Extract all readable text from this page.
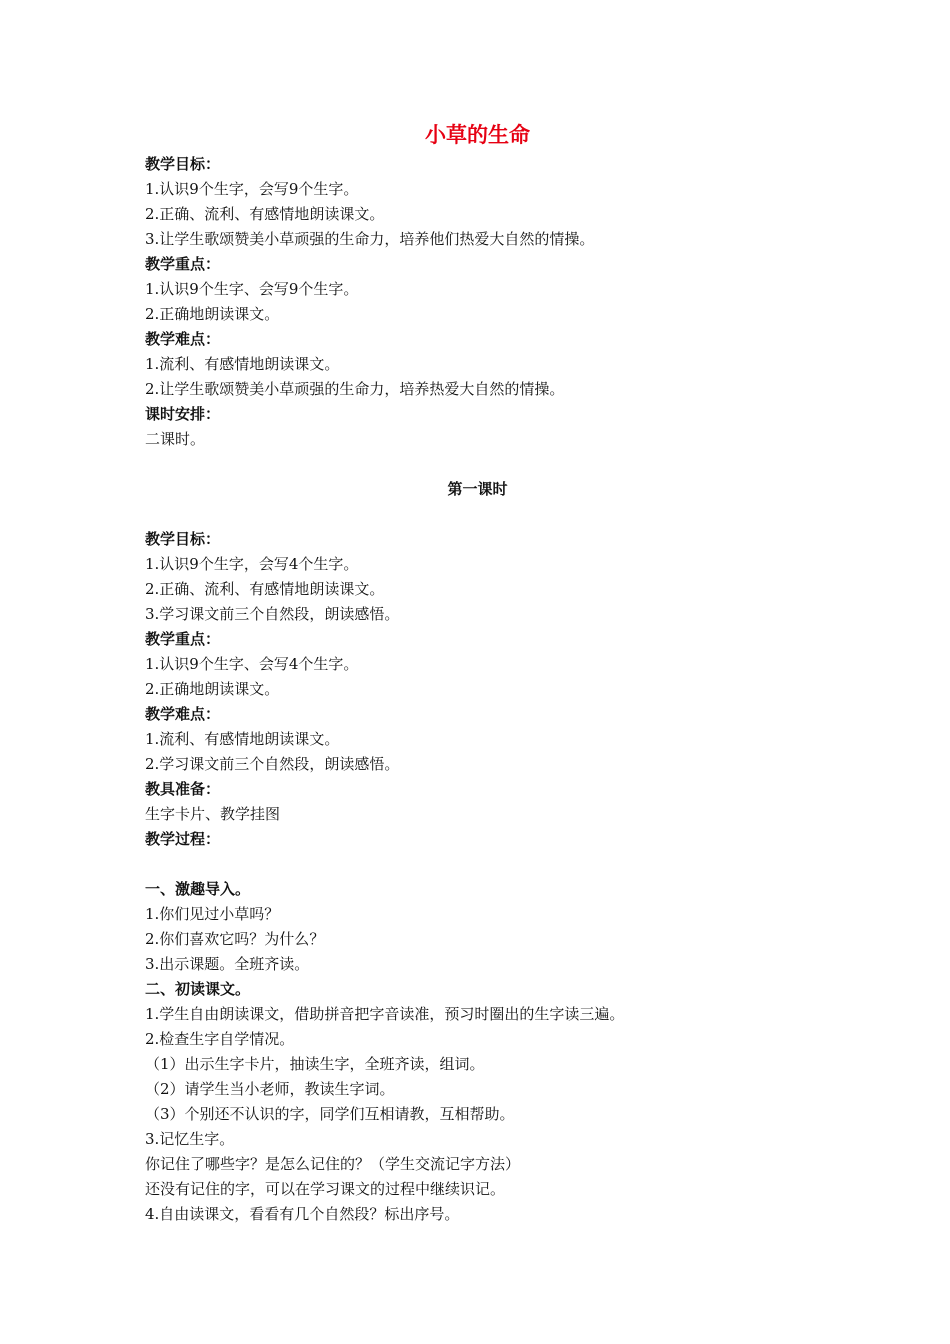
小草的生命
教学目标：
1.认识9个生字，会写9个生字。
2.正确、流利、有感情地朗读课文。
3.让学生歌颂赞美小草顽强的生命力，培养他们热爱大自然的情操。
教学重点：
1.认识9个生字、会写9个生字。
2.正确地朗读课文。
教学难点：
1.流利、有感情地朗读课文。
2.让学生歌颂赞美小草顽强的生命力，培养热爱大自然的情操。
课时安排：
二课时。
第一课时
教学目标：
1.认识9个生字，会写4个生字。
2.正确、流利、有感情地朗读课文。
3.学习课文前三个自然段，朗读感悟。
教学重点：
1.认识9个生字、会写4个生字。
2.正确地朗读课文。
教学难点：
1.流利、有感情地朗读课文。
2.学习课文前三个自然段，朗读感悟。
教具准备：
生字卡片、教学挂图
教学过程：
一、激趣导入。
1.你们见过小草吗？
2.你们喜欢它吗？为什么？
3.出示课题。全班齐读。
二、初读课文。
1.学生自由朗读课文，借助拼音把字音读准，预习时圈出的生字读三遍。
2.检查生字自学情况。
（1）出示生字卡片，抽读生字，全班齐读，组词。
（2）请学生当小老师，教读生字词。
（3）个别还不认识的字，同学们互相请教，互相帮助。
3.记忆生字。
你记住了哪些字？是怎么记住的？（学生交流记字方法）
还没有记住的字，可以在学习课文的过程中继续识记。
4.自由读课文，看看有几个自然段？标出序号。
